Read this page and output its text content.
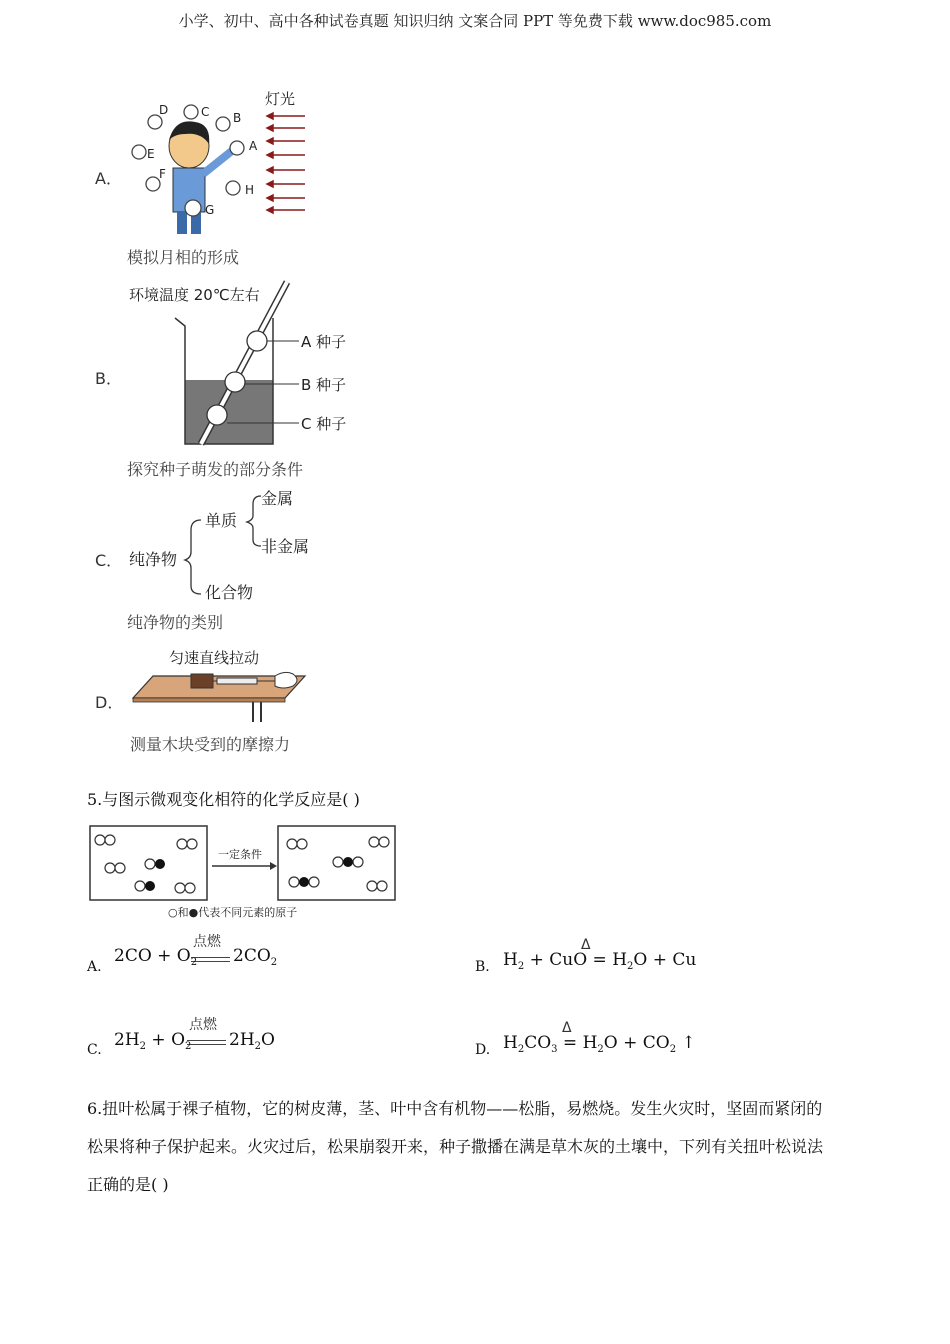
小学、初中、高中各种试卷真题 知识归纳 文案合同 PPT 等免费下载 www.doc985.com
A．
灯光
D	C B
A
E
F
H
G
模拟月相的形成
B．
环境温度 20℃左右
A 种子
B 种子
C 种子
探究种子萌发的部分条件
C． 纯净物
单质
化合物
金属
非金属
纯净物的类别
D．
匀速直线拉动
测量木块受到的摩擦力
5.与图示微观变化相符的化学反应是( )
一定条件
○和●代表不同元素的原子
A.
点燃
$2CO + O_2$ $2CO_2$	B.
Δ
$H_2$ + CuO = $H_2O + Cu$
C.
点燃
$2H_2 + O_2$ $2H_2O$	D.
Δ
$H_2CO_3 = H_2O + CO_2$ ↑
6.扭叶松属于裸子植物，它的树皮薄，茎、叶中含有机物——松脂，易燃烧。发生火灾时，坚固而紧闭的
松果将种子保护起来。火灾过后，松果崩裂开来，种子撒播在满是草木灰的土壤中，下列有关扭叶松说法
正确的是( )
